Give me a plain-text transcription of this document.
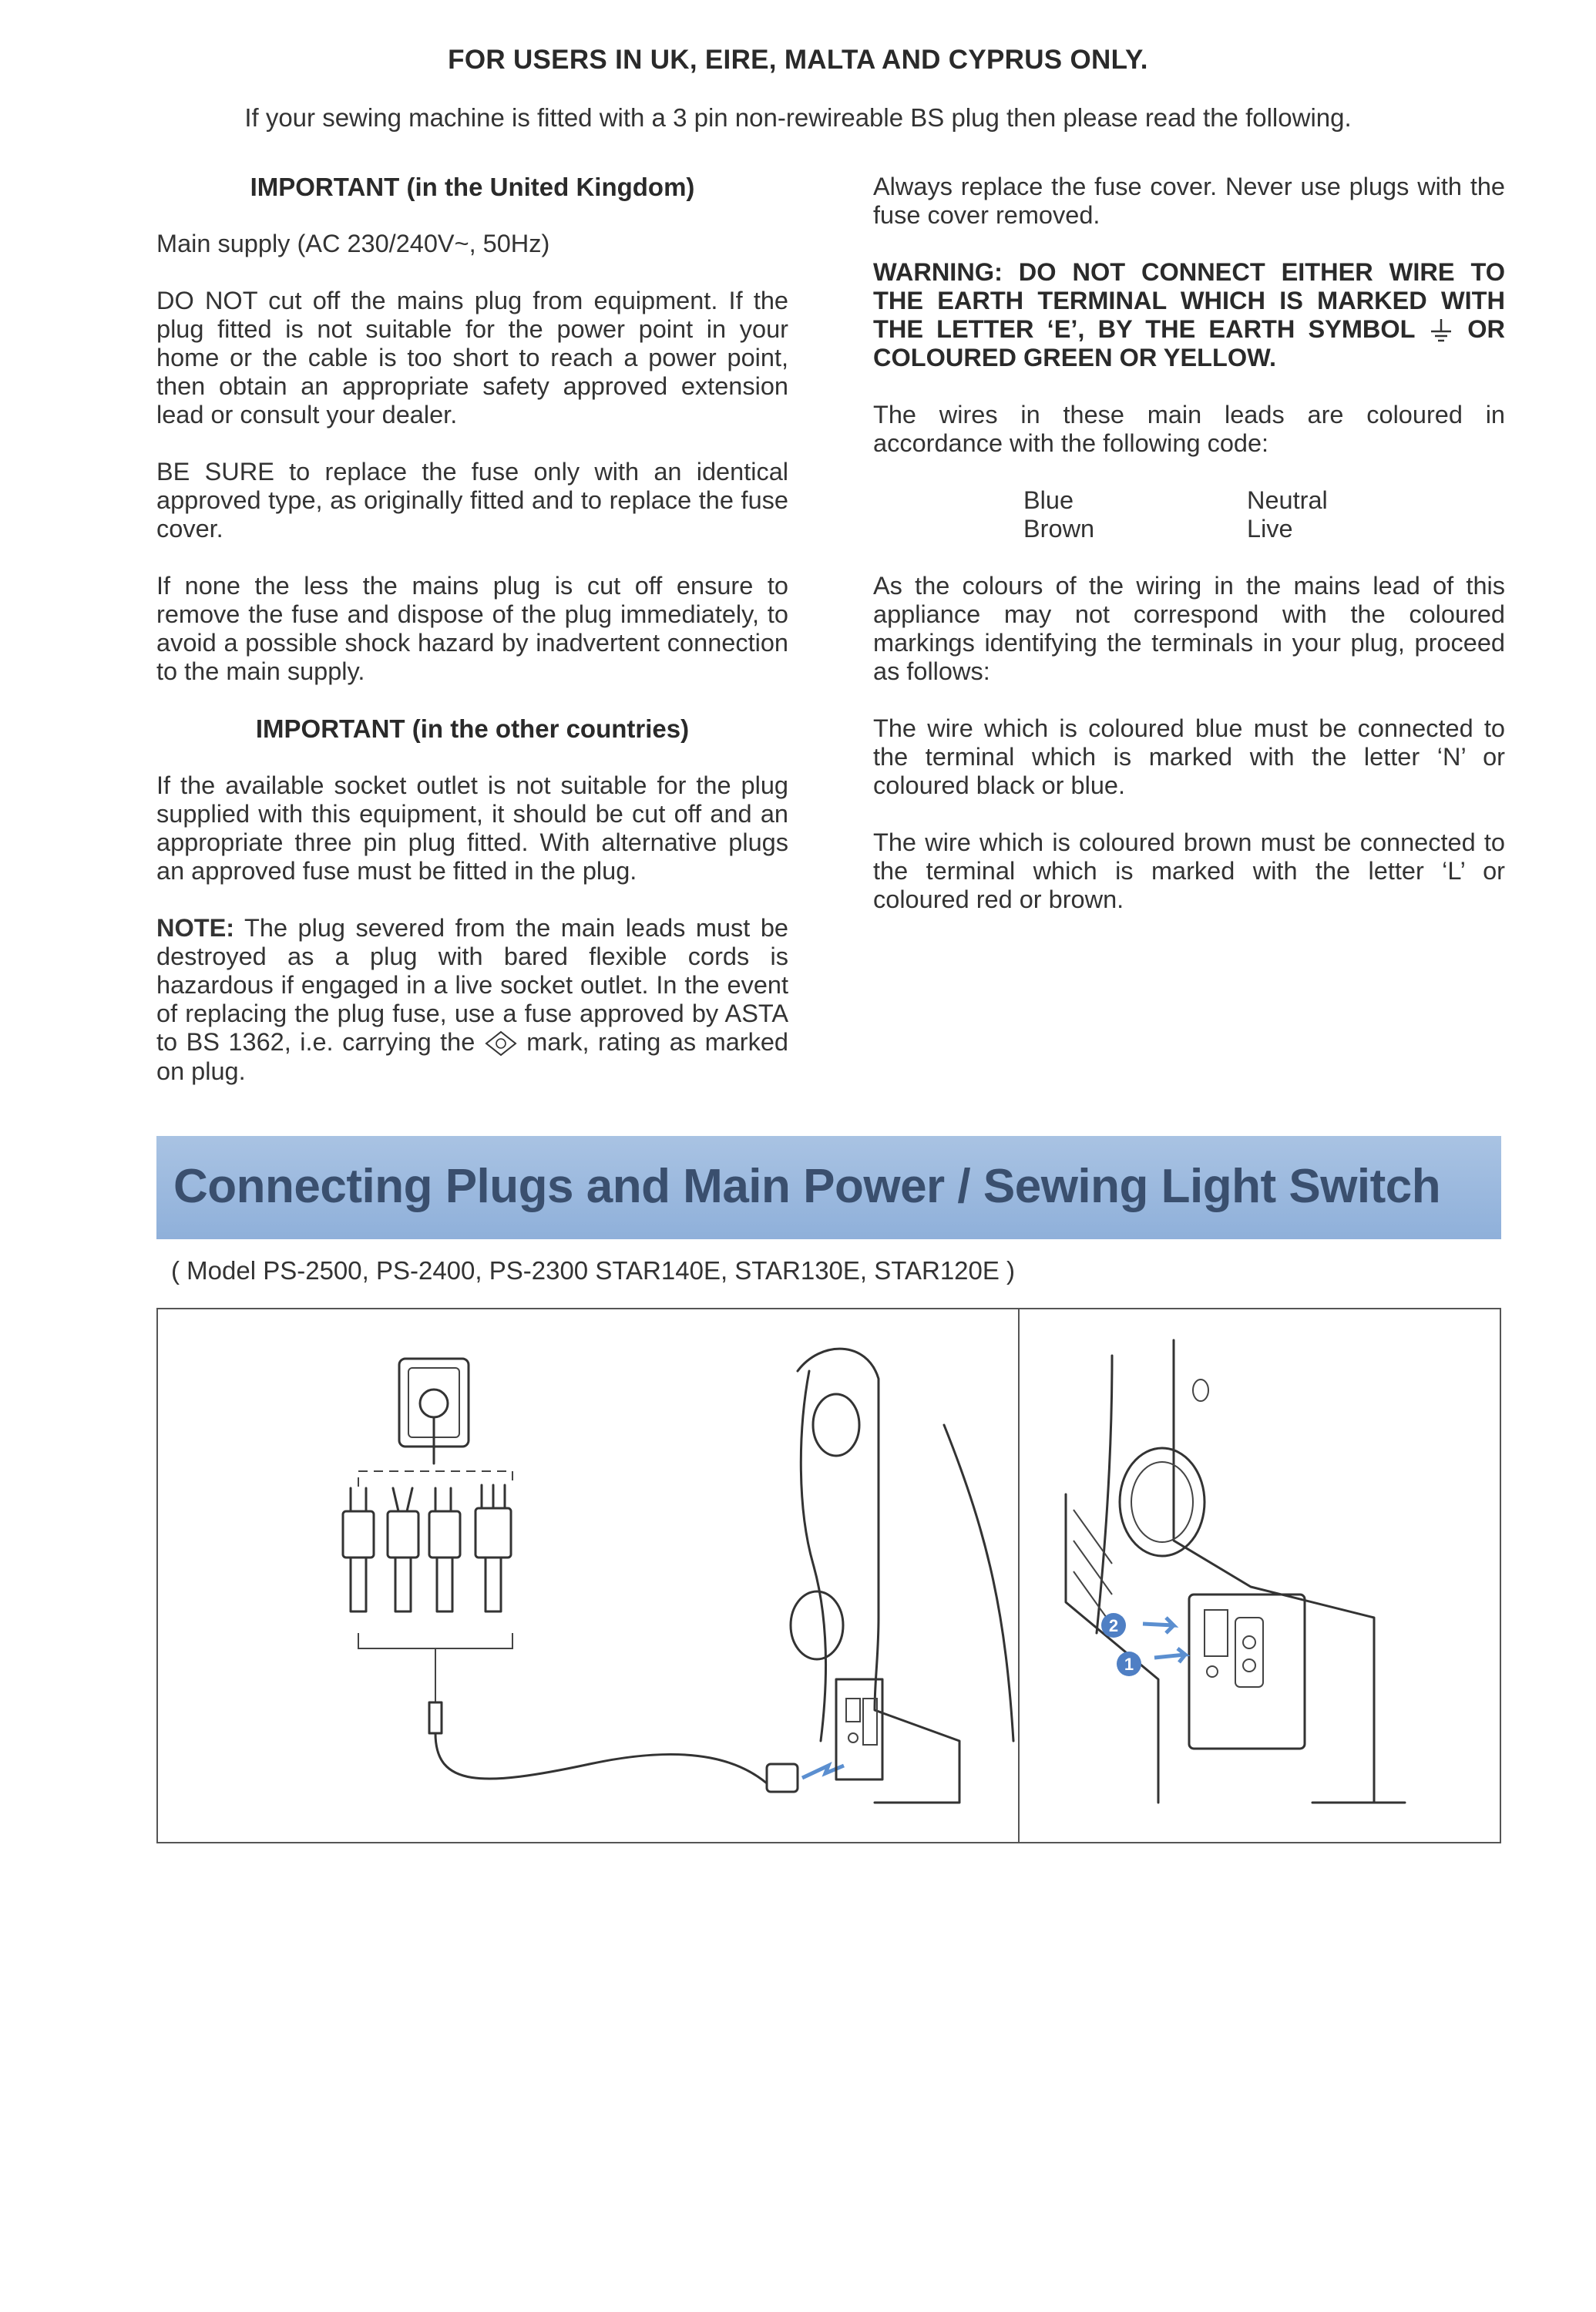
FOR USERS IN UK, EIRE, MALTA AND CYPRUS ONLY.
If your sewing machine is fitted with a 3 pin non-rewireable BS plug then please read the following.
IMPORTANT (in the United Kingdom)

Main supply (AC 230/240V~, 50Hz)

DO NOT cut off the mains plug from equipment. If the plug fitted is not suitable for the power point in your home or the cable is too short to reach a power point, then obtain an appropriate safety approved extension lead or consult your dealer.

BE SURE to replace the fuse only with an identical approved type, as originally fitted and to replace the fuse cover.

If none the less the mains plug is cut off ensure to remove the fuse and dispose of the plug immediately, to avoid a possible shock hazard by inadvertent connection to the main supply.

IMPORTANT (in the other countries)

If the available socket outlet is not suitable for the plug supplied with this equipment, it should be cut off and an appropriate three pin plug fitted. With alternative plugs an approved fuse must be fitted in the plug.

NOTE: The plug severed from the main leads must be destroyed as a plug with bared flexible cords is hazardous if engaged in a live socket outlet. In the event of replacing the plug fuse, use a fuse approved by ASTA to BS 1362, i.e. carrying the mark, rating as marked on plug.

Always replace the fuse cover. Never use plugs with the fuse cover removed.

WARNING: DO NOT CONNECT EITHER WIRE TO THE EARTH TERMINAL WHICH IS MARKED WITH THE LETTER ‘E’, BY THE EARTH SYMBOL OR COLOURED GREEN OR YELLOW.

The wires in these main leads are coloured in accordance with the following code:

Blue	Neutral
Brown	Live

As the colours of the wiring in the mains lead of this appliance may not correspond with the coloured markings identifying the terminals in your plug, proceed as follows:

The wire which is coloured blue must be connected to the terminal which is marked with the letter ‘N’ or coloured black or blue.

The wire which is coloured brown must be connected to the terminal which is marked with the letter ‘L’ or coloured red or brown.

Connecting Plugs and Main Power / Sewing Light Switch
( Model PS-2500, PS-2400, PS-2300 STAR140E, STAR130E, STAR120E )
2
1
